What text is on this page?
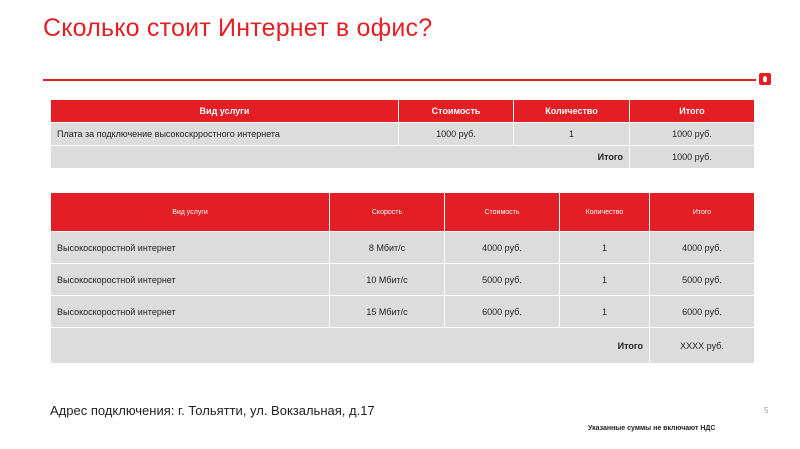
Сколько стоит Интернет в офис?
Вид услуги	Стоимость	Количество	Итого
Плата за подключение высокоскрростного интернета	1000 руб.	1	1000 руб.
Итого			1000 руб.
Вид услуги	Скорость	Стоимость	Количество	Итого
Высокоскоростной интернет	8 Мбит/с	4000 руб.	1	4000 руб.
Высокоскоростной интернет	10 Мбит/с	5000 руб.	1	5000 руб.
Высокоскоростной интернет	15 Мбит/с	6000 руб.	1	6000 руб.
Итого				ХХХХ руб.
Адрес подключения: г. Тольятти, ул. Вокзальная, д.17	5
Указанные суммы не включают НДС
